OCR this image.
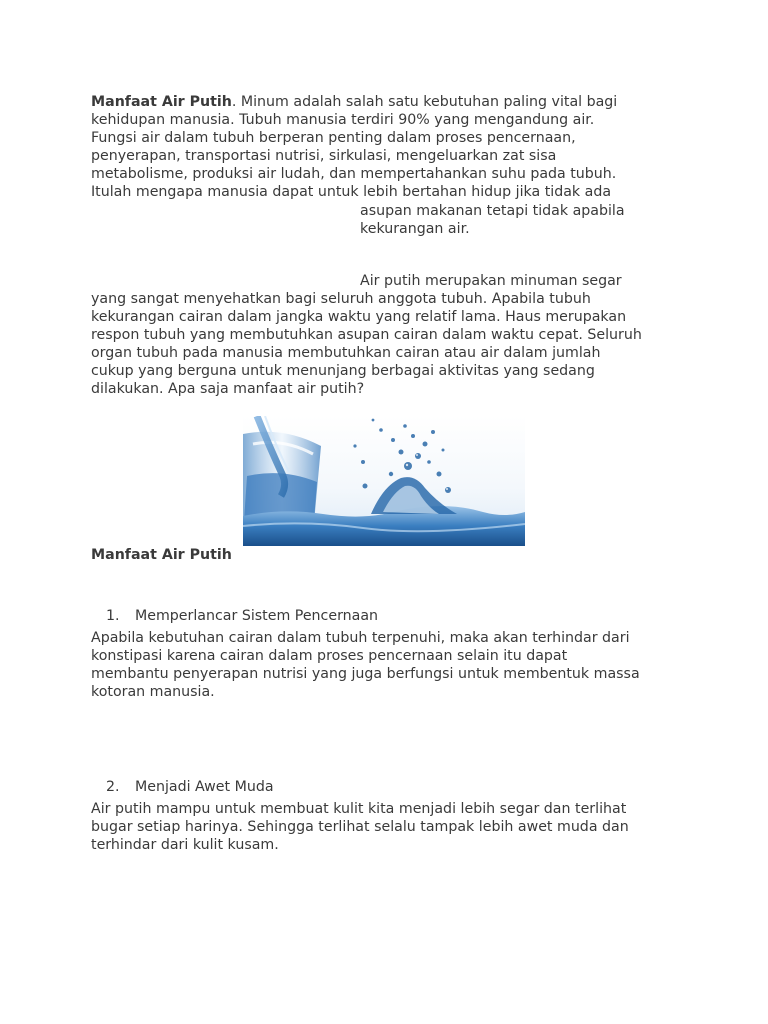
Manfaat Air Putih. Minum adalah salah satu kebutuhan paling vital bagi
kehidupan manusia. Tubuh manusia terdiri 90% yang mengandung air.
Fungsi air dalam tubuh berperan penting dalam proses pencernaan,
penyerapan, transportasi nutrisi, sirkulasi, mengeluarkan zat sisa
metabolisme, produksi air ludah, dan mempertahankan suhu pada tubuh.
Itulah mengapa manusia dapat untuk lebih bertahan hidup jika tidak ada
asupan makanan tetapi tidak apabila
kekurangan air.

Air putih merupakan minuman segar
yang sangat menyehatkan bagi seluruh anggota tubuh. Apabila tubuh
kekurangan cairan dalam jangka waktu yang relatif lama. Haus merupakan
respon tubuh yang membutuhkan asupan cairan dalam waktu cepat. Seluruh
organ tubuh pada manusia membutuhkan cairan atau air dalam jumlah
cukup yang berguna untuk menunjang berbagai aktivitas yang sedang
dilakukan. Apa saja manfaat air putih?

Manfaat Air Putih

1. Memperlancar Sistem Pencernaan

Apabila kebutuhan cairan dalam tubuh terpenuhi, maka akan terhindar dari
konstipasi karena cairan dalam proses pencernaan selain itu dapat
membantu penyerapan nutrisi yang juga berfungsi untuk membentuk massa
kotoran manusia.

2. Menjadi Awet Muda

Air putih mampu untuk membuat kulit kita menjadi lebih segar dan terlihat
bugar setiap harinya. Sehingga terlihat selalu tampak lebih awet muda dan
terhindar dari kulit kusam.
